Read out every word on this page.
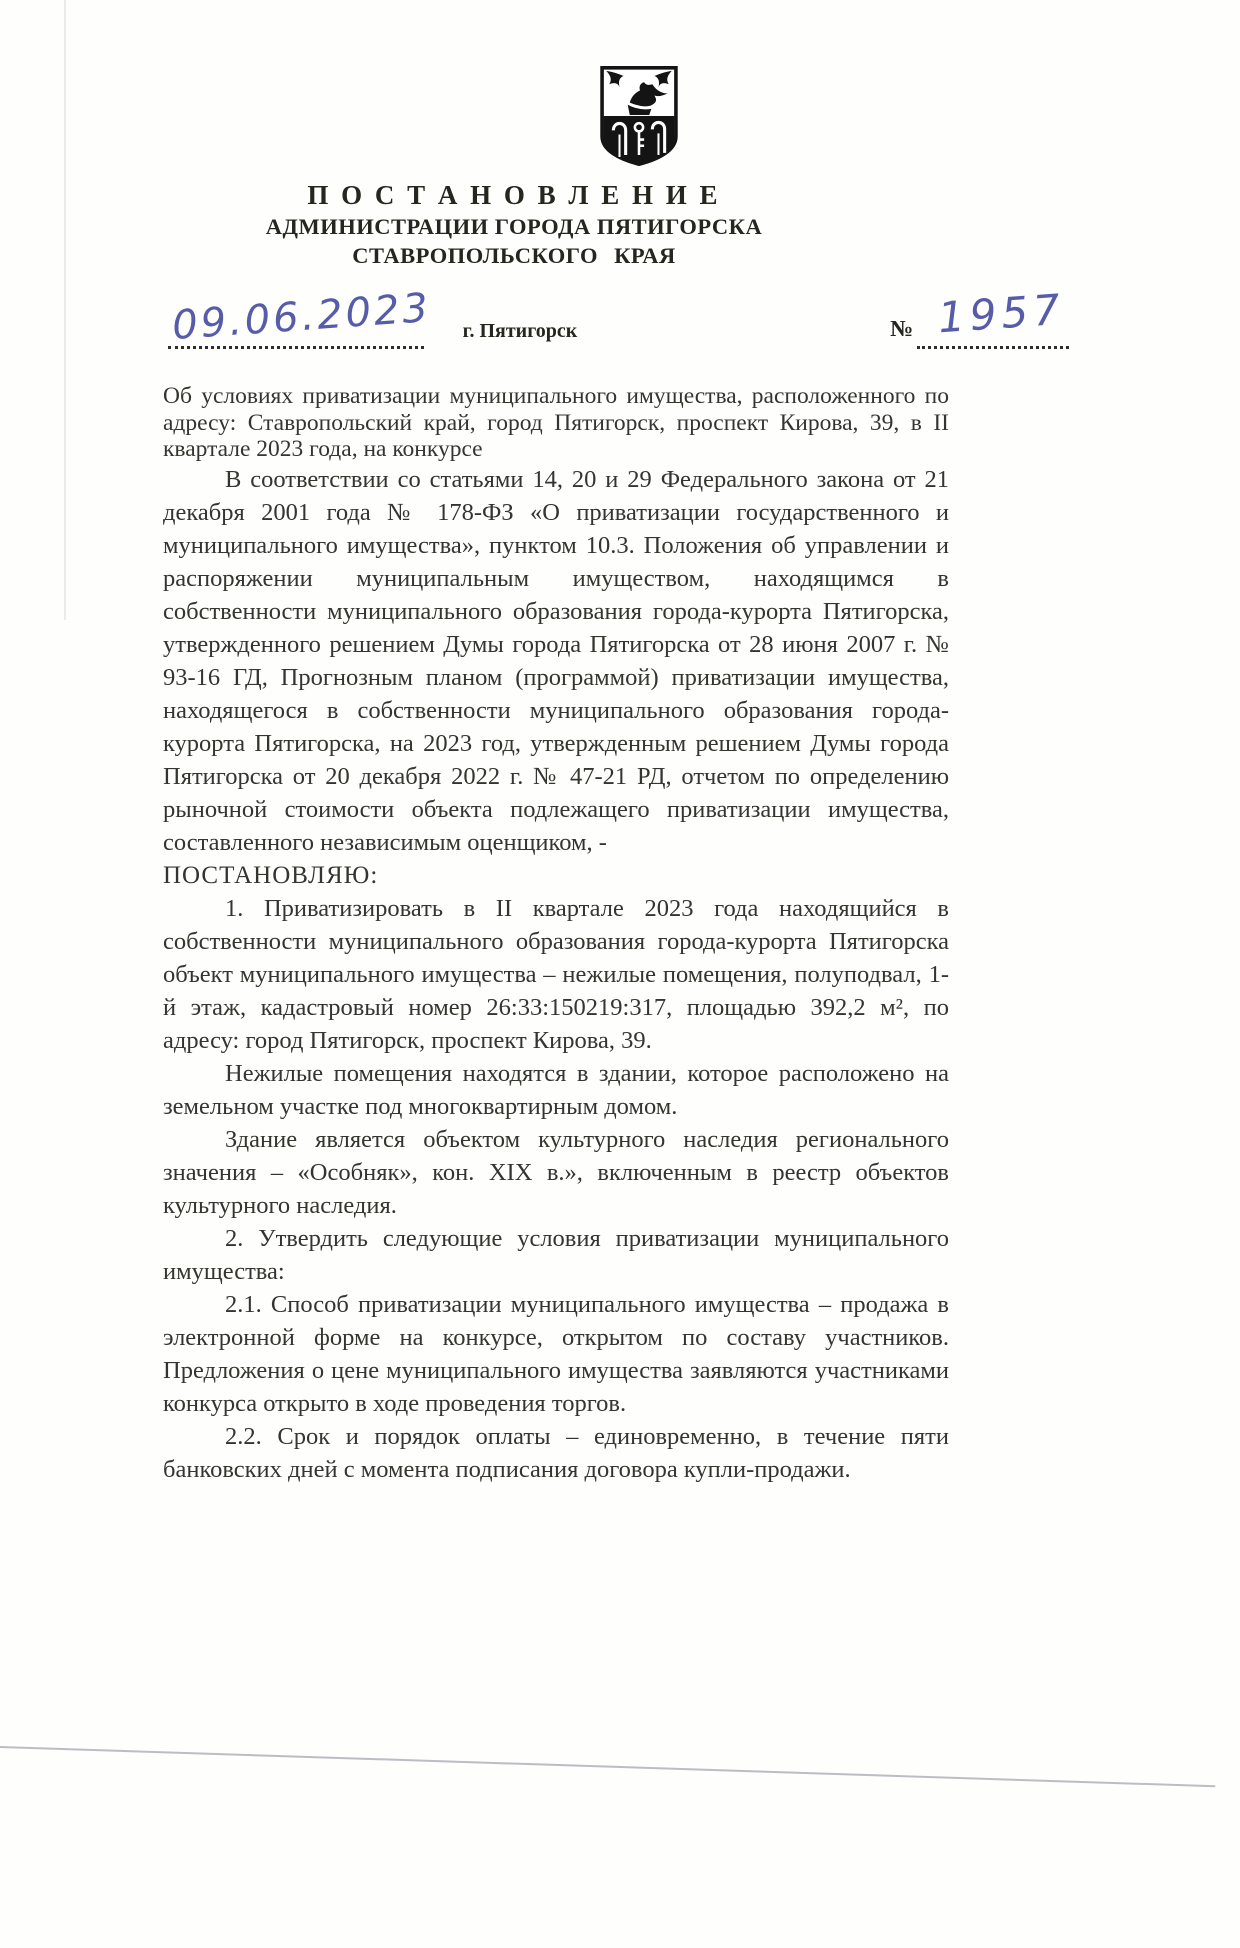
П О С Т А Н О В Л Е Н И Е
АДМИНИСТРАЦИИ ГОРОДА ПЯТИГОРСКА
СТАВРОПОЛЬСКОГО КРАЯ
09.06.2023	г. Пятигорск	№ 1957

Об условиях приватизации муниципального имущества, расположенного по адресу: Ставропольский край, город Пятигорск, проспект Кирова, 39, в II квартале 2023 года, на конкурсе

В соответствии со статьями 14, 20 и 29 Федерального закона от 21 декабря 2001 года № 178-ФЗ «О приватизации государственного и муниципального имущества», пунктом 10.3. Положения об управлении и распоряжении муниципальным имуществом, находящимся в собственности муниципального образования города-курорта Пятигорска, утвержденного решением Думы города Пятигорска от 28 июня 2007 г. № 93-16 ГД, Прогнозным планом (программой) приватизации имущества, находящегося в собственности муниципального образования города-курорта Пятигорска, на 2023 год, утвержденным решением Думы города Пятигорска от 20 декабря 2022 г. № 47-21 РД, отчетом по определению рыночной стоимости объекта подлежащего приватизации имущества, составленного независимым оценщиком, -

ПОСТАНОВЛЯЮ:

1. Приватизировать в II квартале 2023 года находящийся в собственности муниципального образования города-курорта Пятигорска объект муниципального имущества – нежилые помещения, полуподвал, 1-й этаж, кадастровый номер 26:33:150219:317, площадью 392,2 м², по адресу: город Пятигорск, проспект Кирова, 39.

Нежилые помещения находятся в здании, которое расположено на земельном участке под многоквартирным домом.

Здание является объектом культурного наследия регионального значения – «Особняк», кон. XIX в.», включенным в реестр объектов культурного наследия.

2. Утвердить следующие условия приватизации муниципального имущества:

2.1. Способ приватизации муниципального имущества – продажа в электронной форме на конкурсе, открытом по составу участников. Предложения о цене муниципального имущества заявляются участниками конкурса открыто в ходе проведения торгов.

2.2. Срок и порядок оплаты – единовременно, в течение пяти банковских дней с момента подписания договора купли-продажи.
